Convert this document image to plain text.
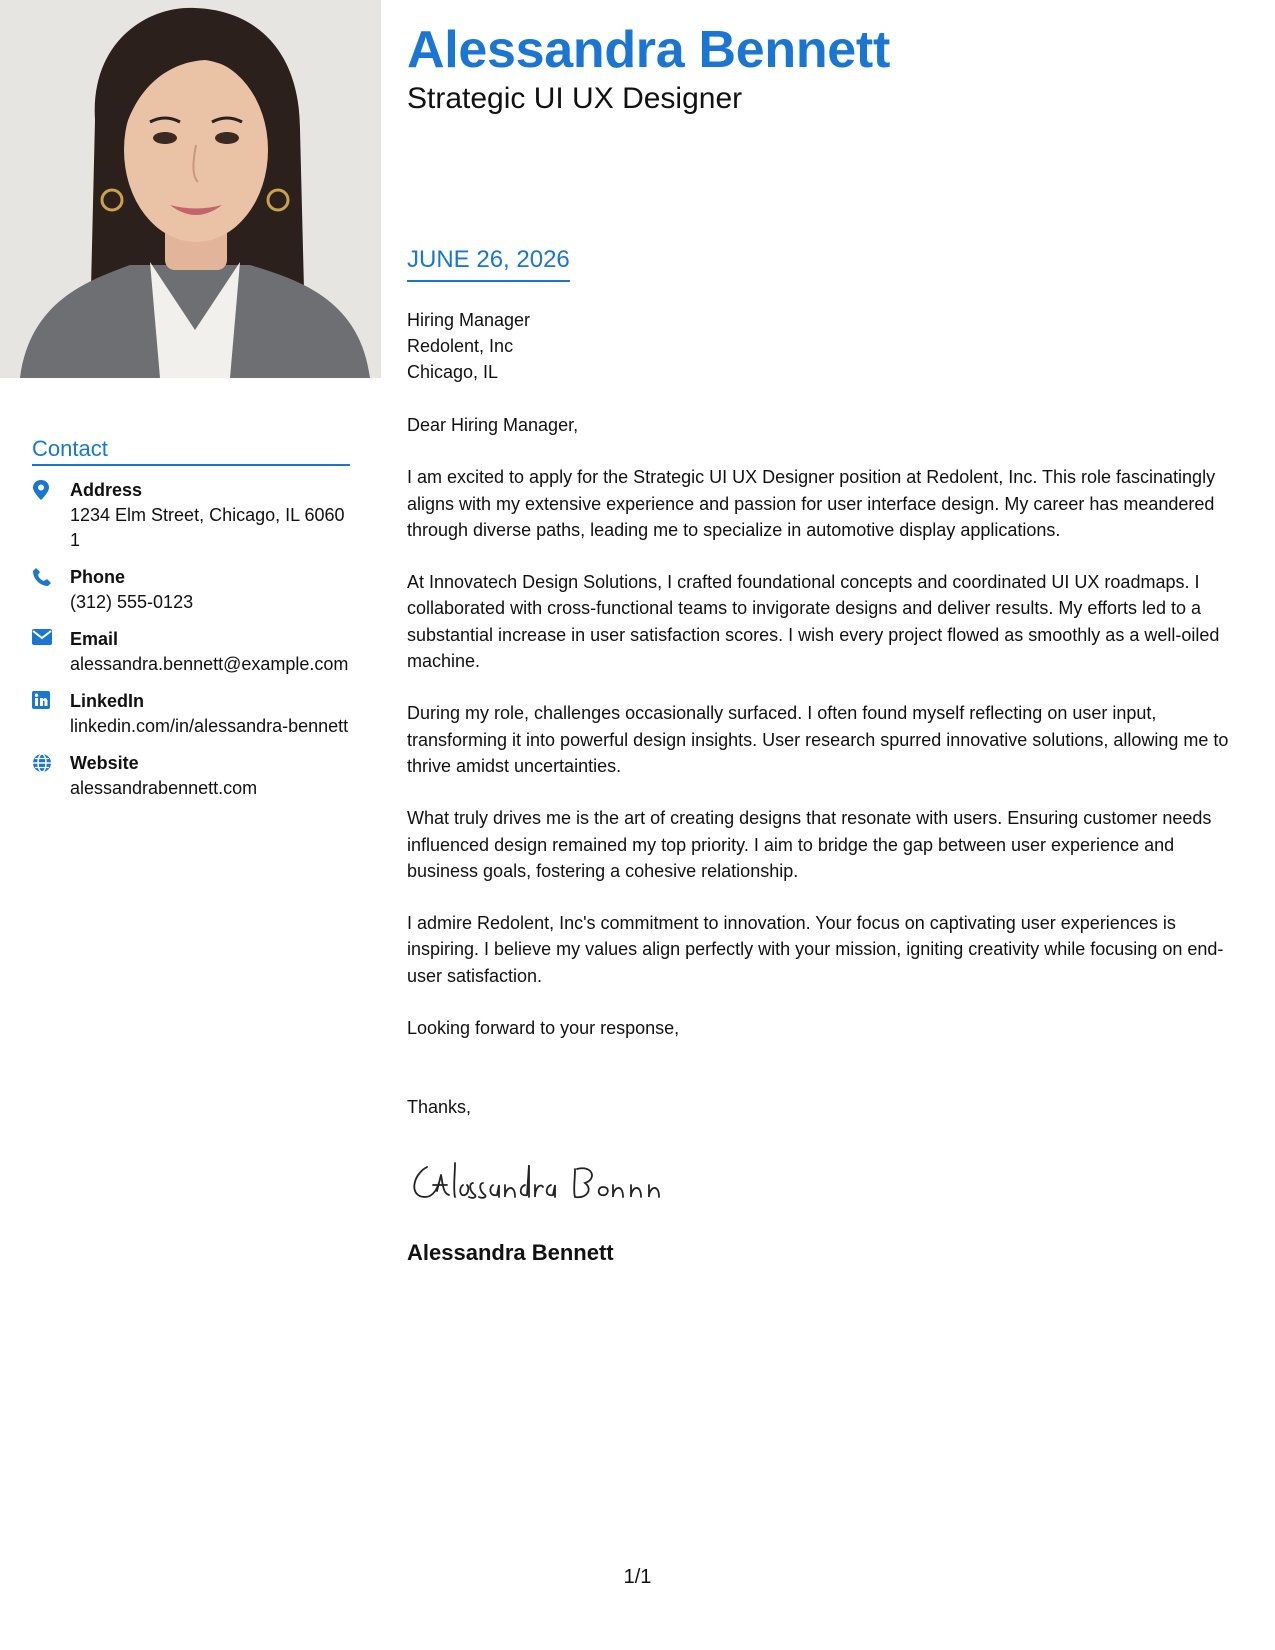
Contact
Address
1234 Elm Street, Chicago, IL 60601
Phone
(312) 555-0123
Email
alessandra.bennett@example.com
LinkedIn
linkedin.com/in/alessandra-bennett
Website
alessandrabennett.com
Alessandra Bennett
Strategic UI UX Designer
JUNE 26, 2026
Hiring Manager
Redolent, Inc
Chicago, IL

Dear Hiring Manager,

I am excited to apply for the Strategic UI UX Designer position at Redolent, Inc. This role fascinatingly aligns with my extensive experience and passion for user interface design. My career has meandered through diverse paths, leading me to specialize in automotive display applications.

At Innovatech Design Solutions, I crafted foundational concepts and coordinated UI UX roadmaps. I collaborated with cross-functional teams to invigorate designs and deliver results. My efforts led to a substantial increase in user satisfaction scores. I wish every project flowed as smoothly as a well-oiled machine.

During my role, challenges occasionally surfaced. I often found myself reflecting on user input, transforming it into powerful design insights. User research spurred innovative solutions, allowing me to thrive amidst uncertainties.

What truly drives me is the art of creating designs that resonate with users. Ensuring customer needs influenced design remained my top priority. I aim to bridge the gap between user experience and business goals, fostering a cohesive relationship.

I admire Redolent, Inc's commitment to innovation. Your focus on captivating user experiences is inspiring. I believe my values align perfectly with your mission, igniting creativity while focusing on end-user satisfaction.

Looking forward to your response,

Thanks,
Alessandra Bennett
1/1
